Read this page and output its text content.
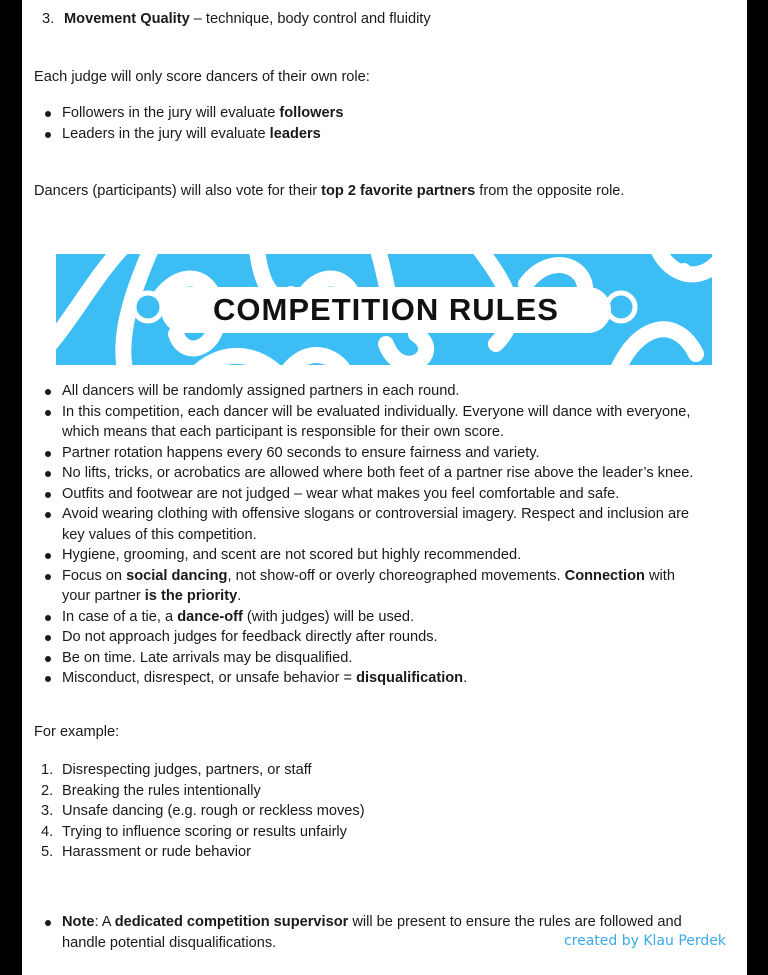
3. Movement Quality – technique, body control and fluidity

Each judge will only score dancers of their own role:

Followers in the jury will evaluate followers
Leaders in the jury will evaluate leaders

Dancers (participants) will also vote for their top 2 favorite partners from the opposite role.

All dancers will be randomly assigned partners in each round.
In this competition, each dancer will be evaluated individually. Everyone will dance with everyone, which means that each participant is responsible for their own score.
Partner rotation happens every 60 seconds to ensure fairness and variety.
No lifts, tricks, or acrobatics are allowed where both feet of a partner rise above the leader’s knee.
Outfits and footwear are not judged – wear what makes you feel comfortable and safe.
Avoid wearing clothing with offensive slogans or controversial imagery. Respect and inclusion are key values of this competition.
Hygiene, grooming, and scent are not scored but highly recommended.
Focus on social dancing, not show-off or overly choreographed movements. Connection with your partner is the priority.
In case of a tie, a dance-off (with judges) will be used.
Do not approach judges for feedback directly after rounds.
Be on time. Late arrivals may be disqualified.
Misconduct, disrespect, or unsafe behavior = disqualification.

For example:

1. Disrespecting judges, partners, or staff
2. Breaking the rules intentionally
3. Unsafe dancing (e.g. rough or reckless moves)
4. Trying to influence scoring or results unfairly
5. Harassment or rude behavior
Note: A dedicated competition supervisor will be present to ensure the rules are followed and handle potential disqualifications.
COMPETITION RULES
created by Klau Perdek
